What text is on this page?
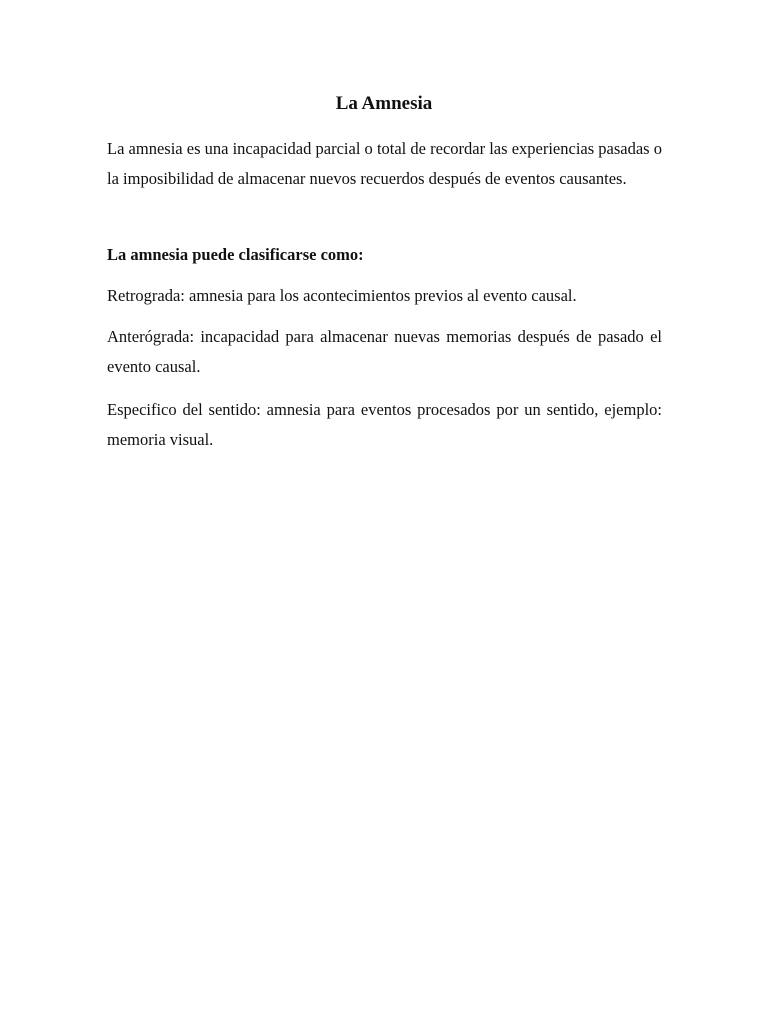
La Amnesia

La amnesia es una incapacidad parcial o total de recordar las experiencias pasadas o la imposibilidad de almacenar nuevos recuerdos después de eventos causantes.

La amnesia puede clasificarse como:

Retrograda: amnesia para los acontecimientos previos al evento causal.

Anterógrada: incapacidad para almacenar nuevas memorias después de pasado el evento causal.

Especifico del sentido: amnesia para eventos procesados por un sentido, ejemplo: memoria visual.
